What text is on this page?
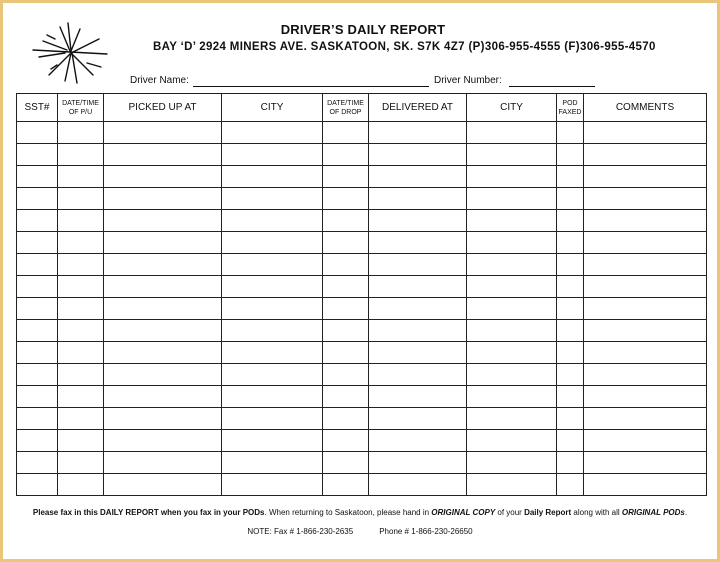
DRIVER’S DAILY REPORT
BAY ‘D’ 2924 MINERS AVE. SASKATOON, SK. S7K 4Z7 (P)306-955-4555 (F)306-955-4570
Driver Name:	Driver Number:
SST#	DATE/TIME OF P/U	PICKED UP AT	CITY	DATE/TIME OF DROP	DELIVERED AT	CITY	POD FAXED	COMMENTS

Please fax in this DAILY REPORT when you fax in your PODs. When returning to Saskatoon, please hand in ORIGINAL COPY of your Daily Report along with all ORIGINAL PODs.
NOTE: Fax # 1-866-230-2635	Phone # 1-866-230-26650
